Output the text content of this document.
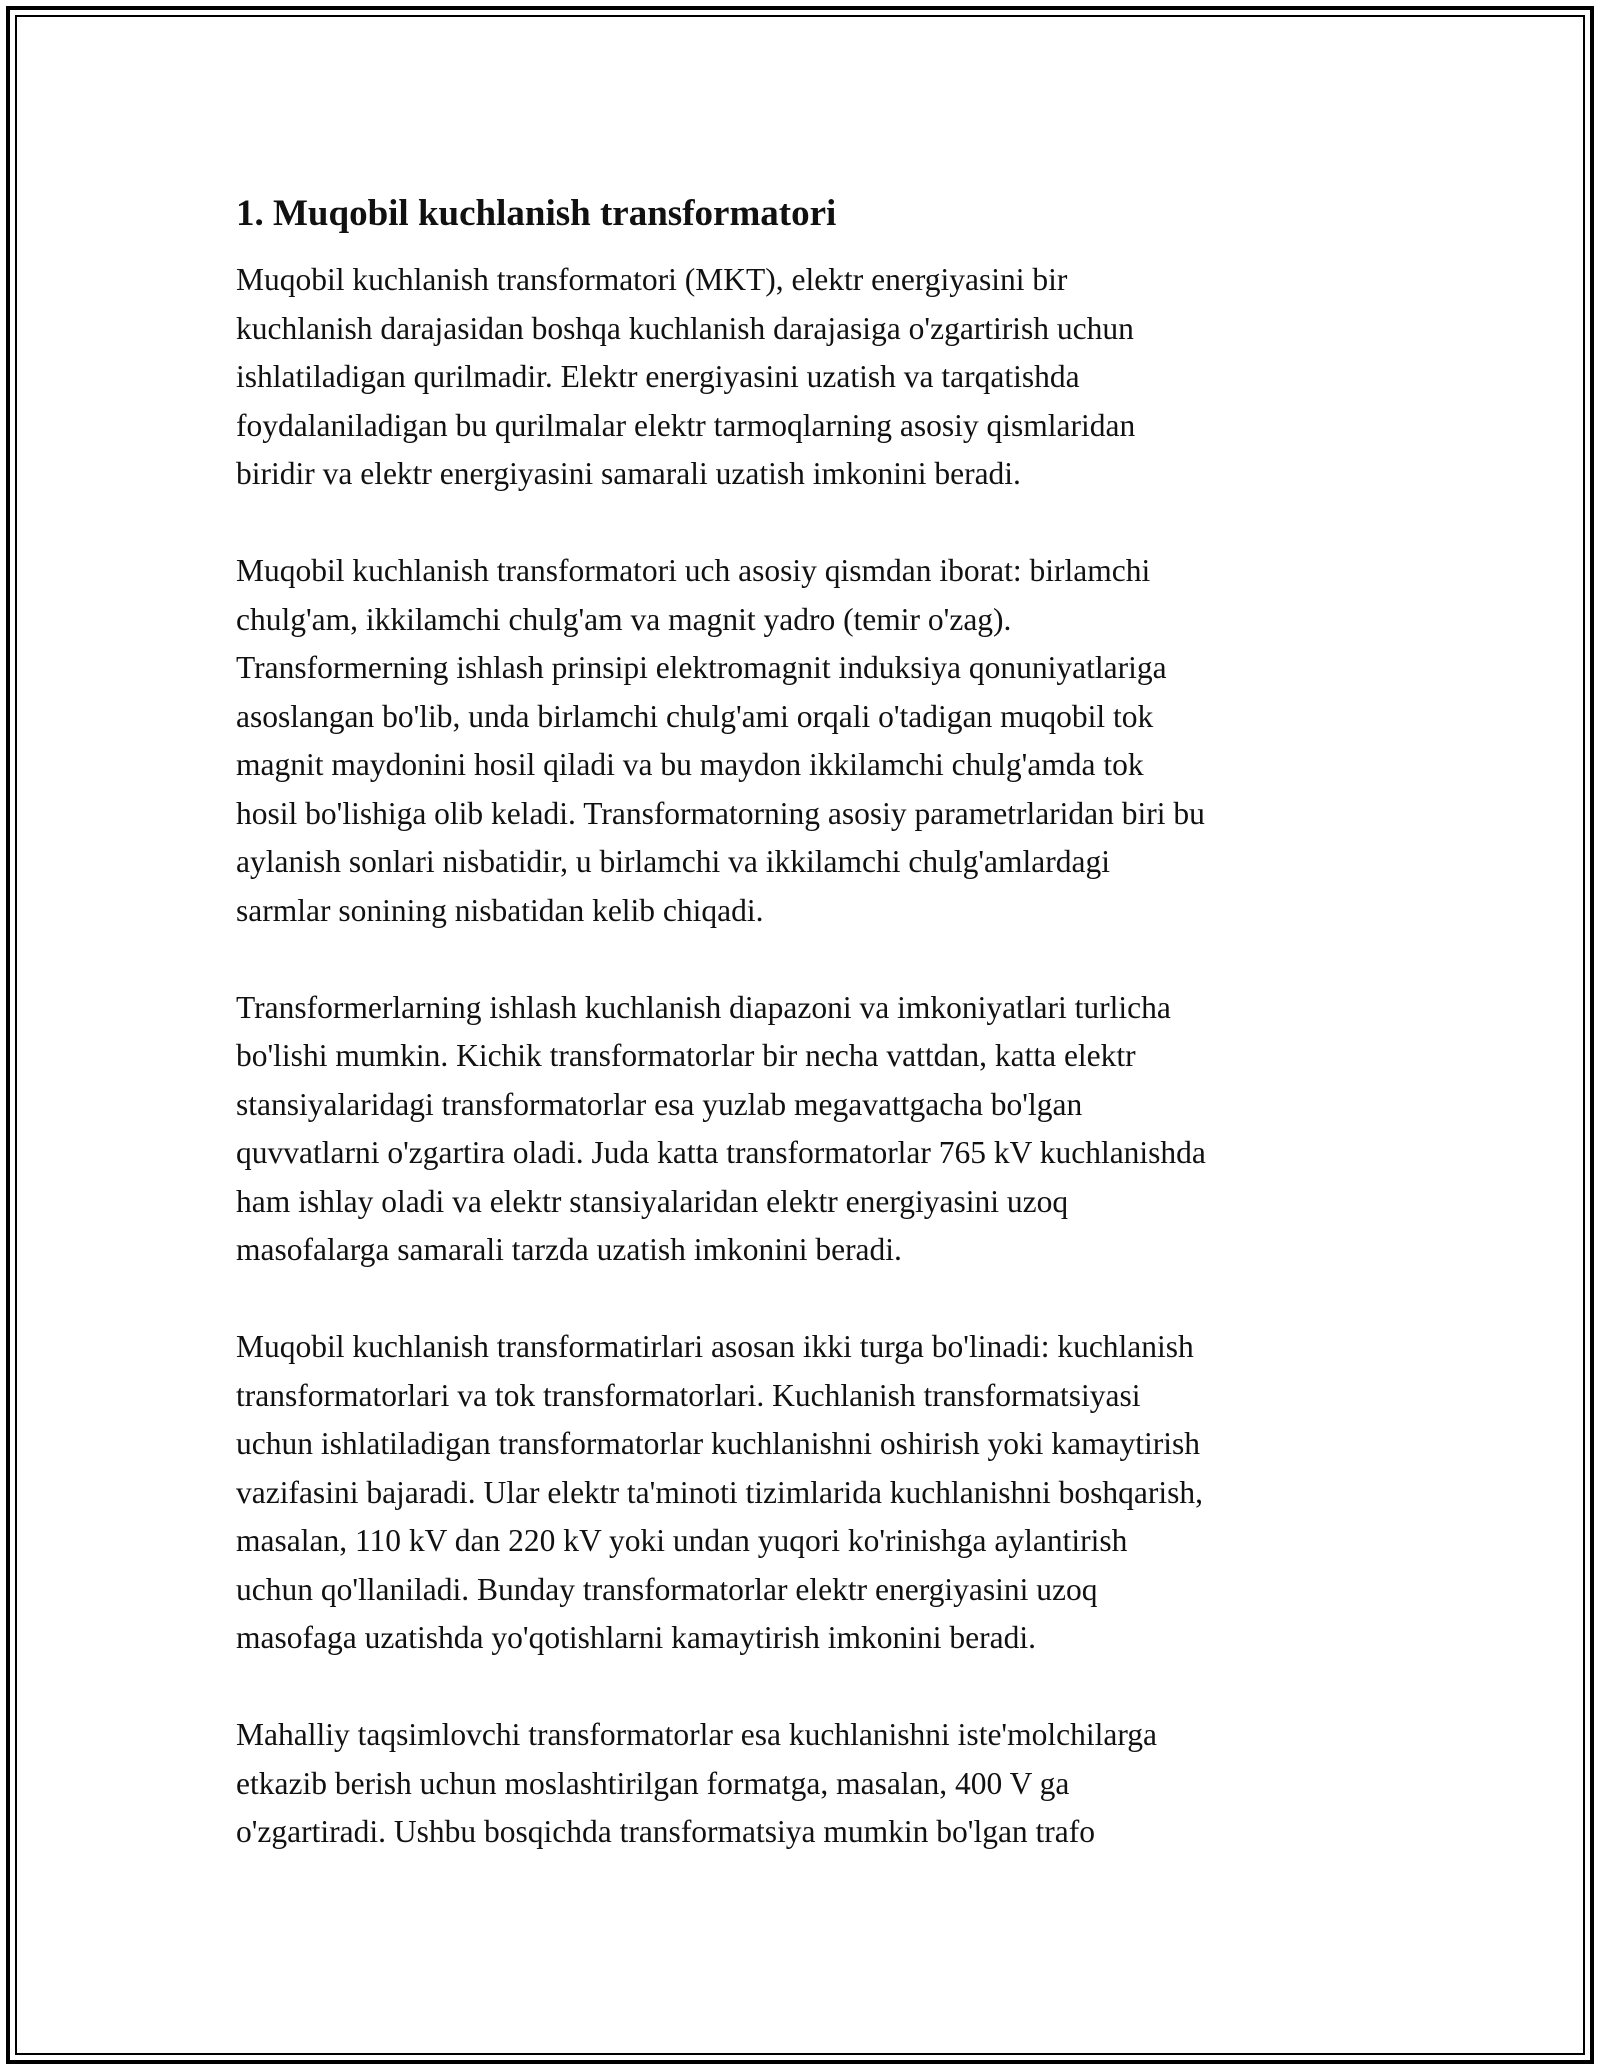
1. Muqobil kuchlanish transformatori

Muqobil kuchlanish transformatori (MKT), elektr energiyasini bir
kuchlanish darajasidan boshqa kuchlanish darajasiga o'zgartirish uchun
ishlatiladigan qurilmadir. Elektr energiyasini uzatish va tarqatishda
foydalaniladigan bu qurilmalar elektr tarmoqlarning asosiy qismlaridan
biridir va elektr energiyasini samarali uzatish imkonini beradi.

Muqobil kuchlanish transformatori uch asosiy qismdan iborat: birlamchi
chulg'am, ikkilamchi chulg'am va magnit yadro (temir o'zag).
Transformerning ishlash prinsipi elektromagnit induksiya qonuniyatlariga
asoslangan bo'lib, unda birlamchi chulg'ami orqali o'tadigan muqobil tok
magnit maydonini hosil qiladi va bu maydon ikkilamchi chulg'amda tok
hosil bo'lishiga olib keladi. Transformatorning asosiy parametrlaridan biri bu
aylanish sonlari nisbatidir, u birlamchi va ikkilamchi chulg'amlardagi
sarmlar sonining nisbatidan kelib chiqadi.

Transformerlarning ishlash kuchlanish diapazoni va imkoniyatlari turlicha
bo'lishi mumkin. Kichik transformatorlar bir necha vattdan, katta elektr
stansiyalaridagi transformatorlar esa yuzlab megavattgacha bo'lgan
quvvatlarni o'zgartira oladi. Juda katta transformatorlar 765 kV kuchlanishda
ham ishlay oladi va elektr stansiyalaridan elektr energiyasini uzoq
masofalarga samarali tarzda uzatish imkonini beradi.

Muqobil kuchlanish transformatirlari asosan ikki turga bo'linadi: kuchlanish
transformatorlari va tok transformatorlari. Kuchlanish transformatsiyasi
uchun ishlatiladigan transformatorlar kuchlanishni oshirish yoki kamaytirish
vazifasini bajaradi. Ular elektr ta'minoti tizimlarida kuchlanishni boshqarish,
masalan, 110 kV dan 220 kV yoki undan yuqori ko'rinishga aylantirish
uchun qo'llaniladi. Bunday transformatorlar elektr energiyasini uzoq
masofaga uzatishda yo'qotishlarni kamaytirish imkonini beradi.

Mahalliy taqsimlovchi transformatorlar esa kuchlanishni iste'molchilarga
etkazib berish uchun moslashtirilgan formatga, masalan, 400 V ga
o'zgartiradi. Ushbu bosqichda transformatsiya mumkin bo'lgan trafo
